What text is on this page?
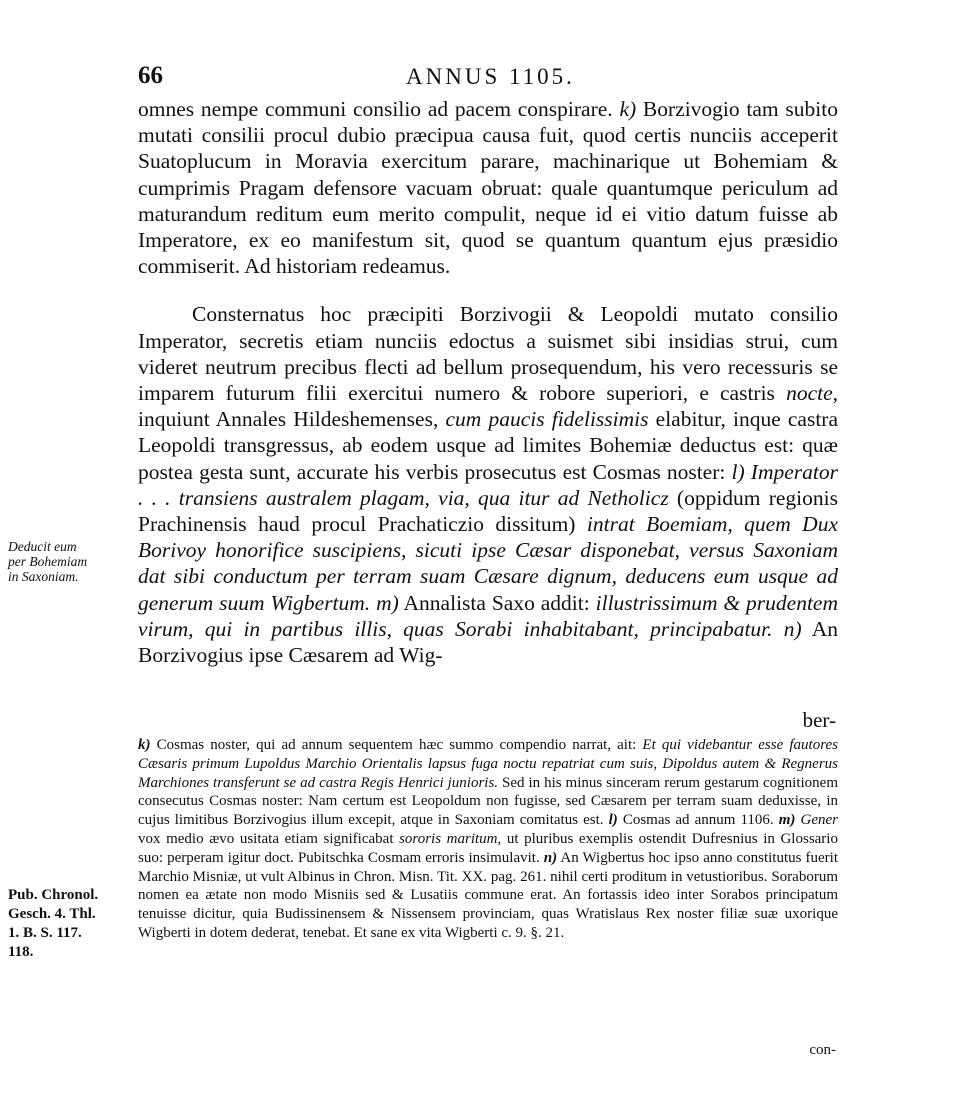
66	ANNUS 1105.

omnes nempe communi consilio ad pacem conspirare. k) Borzivogio tam subito mutati consilii procul dubio præcipua causa fuit, quod certis nunciis acceperit Suatoplucum in Moravia exercitum parare, machinarique ut Bohemiam & cumprimis Pragam defensore vacuam obruat: quale quantumque periculum ad maturandum reditum eum merito compulit, neque id ei vitio datum fuisse ab Imperatore, ex eo manifestum sit, quod se quantum quantum ejus præsidio commiserit. Ad historiam redeamus.

Consternatus hoc præcipiti Borzivogii & Leopoldi mutato consilio Imperator, secretis etiam nunciis edoctus a suismet sibi insidias strui, cum videret neutrum precibus flecti ad bellum prosequendum, his vero recessuris se imparem futurum filii exercitui numero & robore superiori, e castris nocte, inquiunt Annales Hildeshemenses, cum paucis fidelissimis elabitur, inque castra Leopoldi transgressus, ab eodem usque ad limites Bohemiæ deductus est: quæ postea gesta sunt, accurate his verbis prosecutus est Cosmas noster: l) Imperator . . . transiens australem plagam, via, qua itur ad Netholicz (oppidum regionis Prachinensis haud procul Prachaticzio dissitum) intrat Boemiam, quem Dux Borivoy honorifice suscipiens, sicuti ipse Cæsar disponebat, versus Saxoniam dat sibi conductum per terram suam Cæsare dignum, deducens eum usque ad generum suum Wigbertum. m) Annalista Saxo addit: illustrissimum & prudentem virum, qui in partibus illis, quas Sorabi inhabitabant, principabatur. n) An Borzivogius ipse Cæsarem ad Wig-

ber-
Deducit eum
per Bohemiam
in Saxoniam.

k) Cosmas noster, qui ad annum sequentem hæc summo compendio narrat, ait: Et qui videbantur esse fautores Cæsaris primum Lupoldus Marchio Orientalis lapsus fuga noctu repatriat cum suis, Dipoldus autem & Regnerus Marchiones transferunt se ad castra Regis Henrici junioris. Sed in his minus sinceram rerum gestarum cognitionem consecutus Cosmas noster: Nam certum est Leopoldum non fugisse, sed Cæsarem per terram suam deduxisse, in cujus limitibus Borzivogius illum excepit, atque in Saxoniam comitatus est. l) Cosmas ad annum 1106. m) Gener vox medio ævo usitata etiam significabat sororis maritum, ut pluribus exemplis ostendit Dufresnius in Glossario suo: perperam igitur doct. Pubitschka Cosmam erroris insimulavit. n) An Wigbertus hoc ipso anno constitutus fuerit Marchio Misniæ, ut vult Albinus in Chron. Misn. Tit. XX. pag. 261. nihil certi proditum in vetustioribus. Soraborum nomen ea ætate non modo Misniis sed & Lusatiis commune erat. An fortassis ideo inter Sorabos principatum tenuisse dicitur, quia Budissinensem & Nissensem provinciam, quas Wratislaus Rex noster filiæ suæ uxorique Wigberti in dotem dederat, tenebat. Et sane ex vita Wigberti c. 9. §. 21.

Pub. Chronol.
Gesch. 4. Thl.
1. B. S. 117.
118.
con-
